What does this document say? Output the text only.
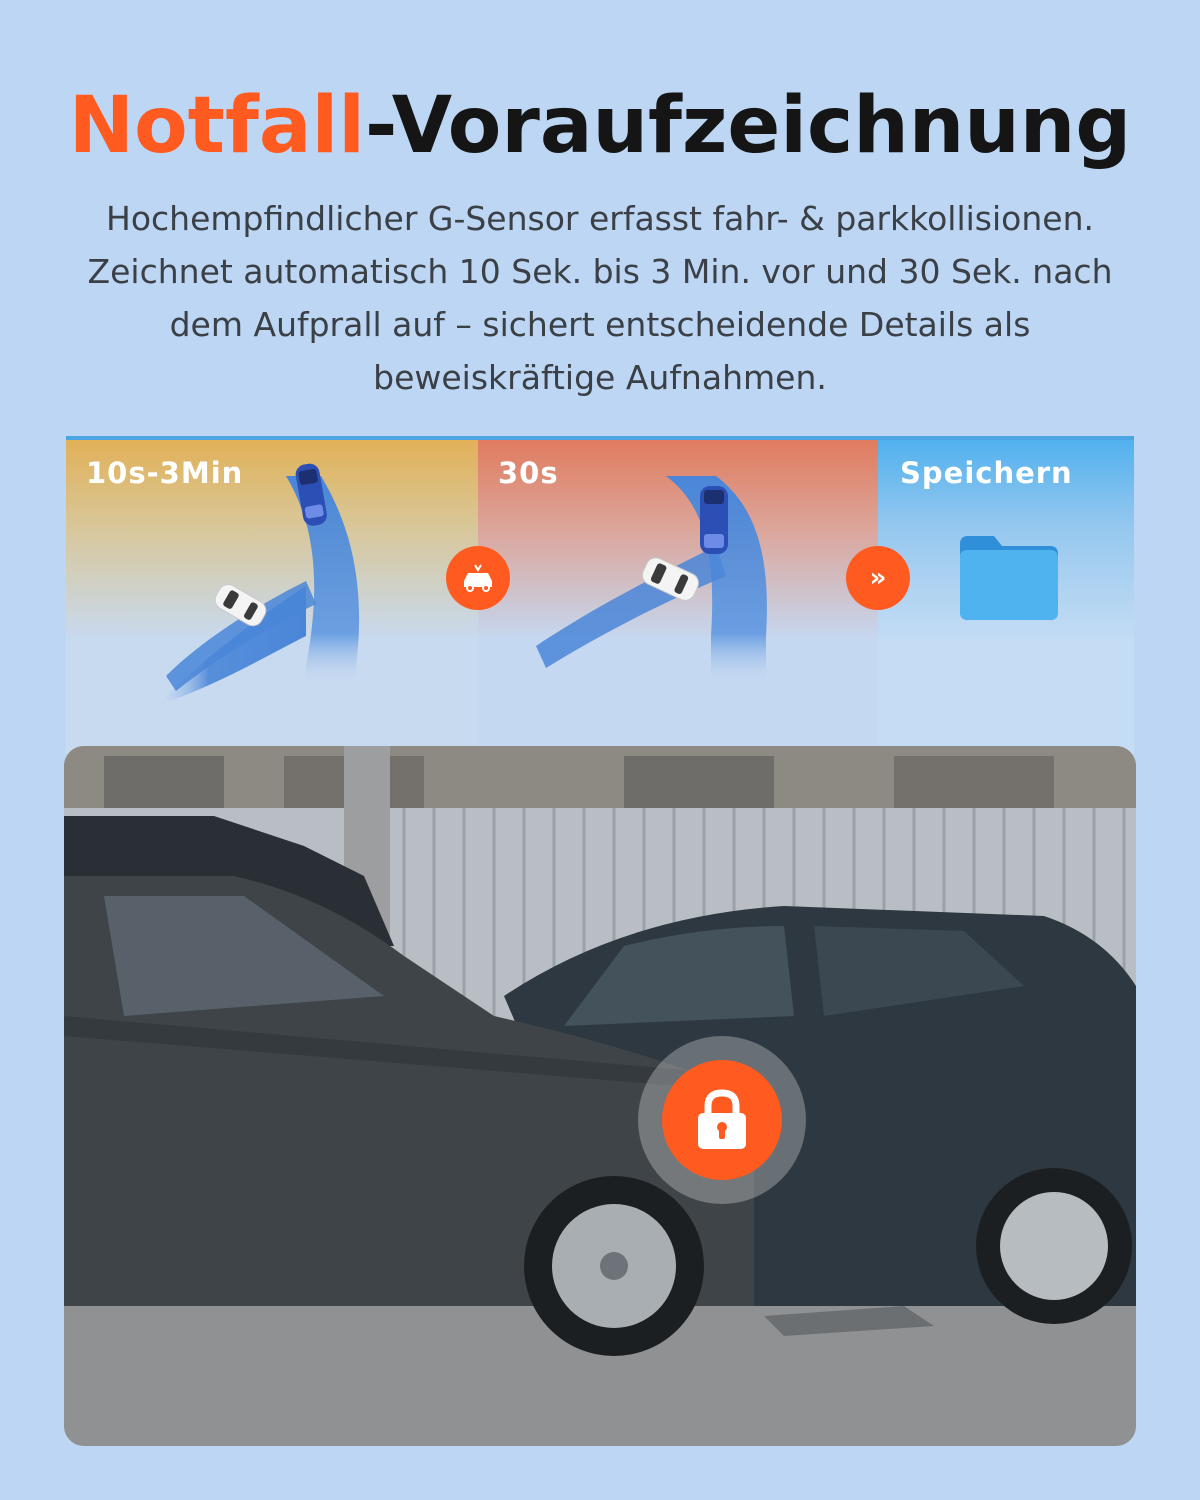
Notfall-Voraufzeichnung

Hochempfindlicher G-Sensor erfasst fahr- & parkkollisionen. Zeichnet automatisch 10 Sek. bis 3 Min. vor und 30 Sek. nach dem Aufprall auf – sichert entscheidende Details als beweiskräftige Aufnahmen.

10s-3Min	30s	Speichern
»
